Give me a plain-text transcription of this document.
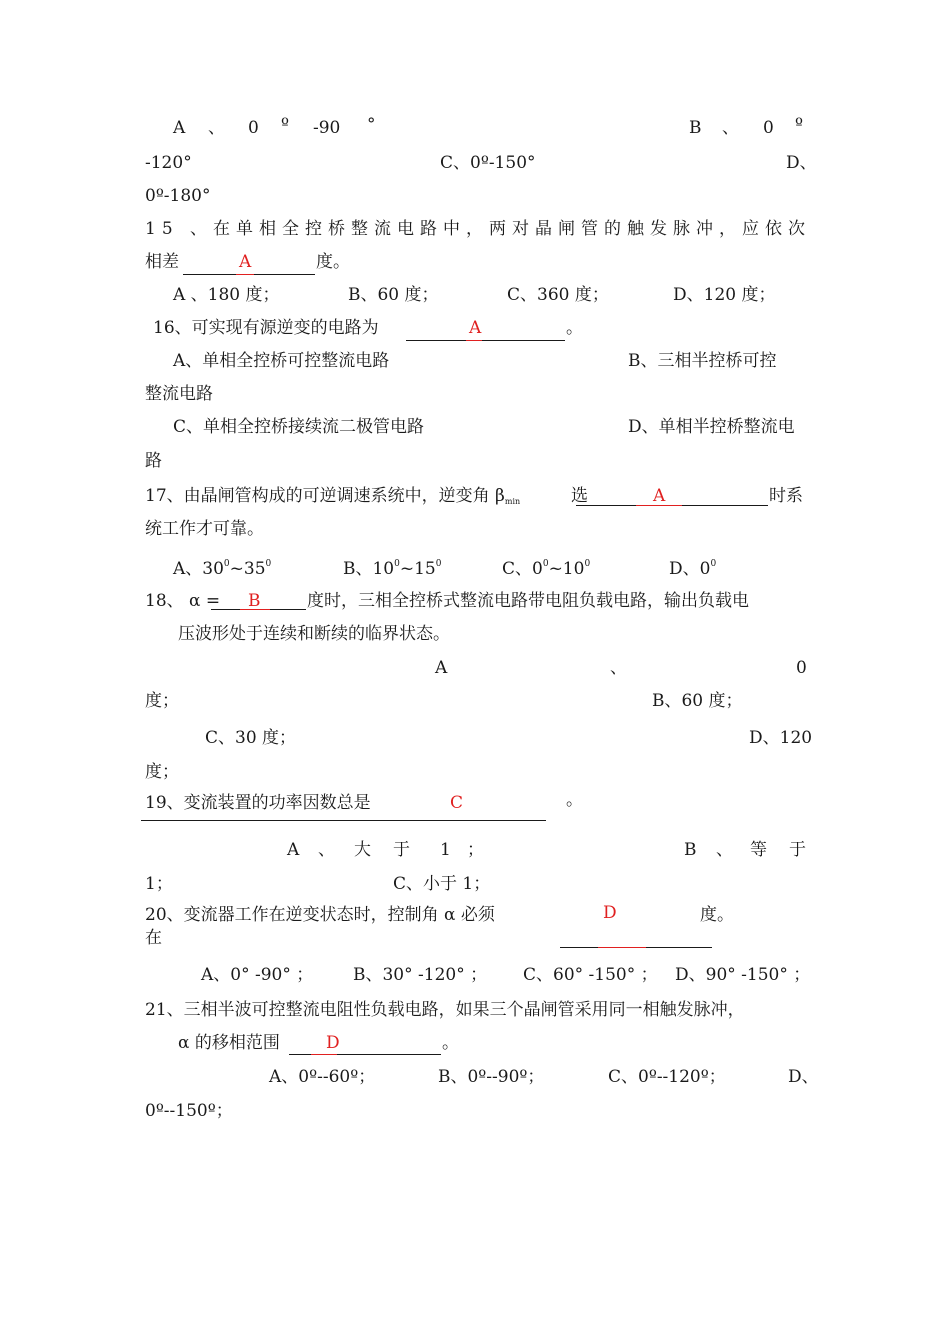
A 、 0 º -90 °	B 、 0 º
-120°	C、0º-150°	D、
0º-180°
15 、在单相全控桥整流电路中，两对晶闸管的触发脉冲，应依次
相差	A	度。
A 、180 度；	B、60 度；	C、360 度；	D、120 度；
16、可实现有源逆变的电路为	A	。
A、单相全控桥可控整流电路	B、三相半控桥可控
整流电路
C、单相全控桥接续流二极管电路	D、单相半控桥整流电
路
17、由晶闸管构成的可逆调速系统中，逆变角 $\beta_{min}$	选	A	时系
统工作才可靠。
A、$30^0\sim 35^0$	B、$10^0\sim 15^0$	C、$0^0\sim 10^0$	D、$0^0$
18、 α = B	度时，三相全控桥式整流电路带电阻负载电路，输出负载电
压波形处于连续和断续的临界状态。
A	、	0
度；	B、60 度；
C、30 度；	D、120
度；
19、变流装置的功率因数总是	C	。
A 、 大 于 1 ；	B 、 等 于
1；	C、小于 1；
20、变流器工作在逆变状态时，控制角 α 必须
在
D	度。
A、0° -90° ； B、30° -120° ； C、60° -150° ； D、90° -150° ；
21、三相半波可控整流电阻性负载电路，如果三个晶闸管采用同一相触发脉冲，
α 的移相范围	D	。
A、0º--60º；	B、0º--90º；	C、0º--120º；	D、
0º--150º；
